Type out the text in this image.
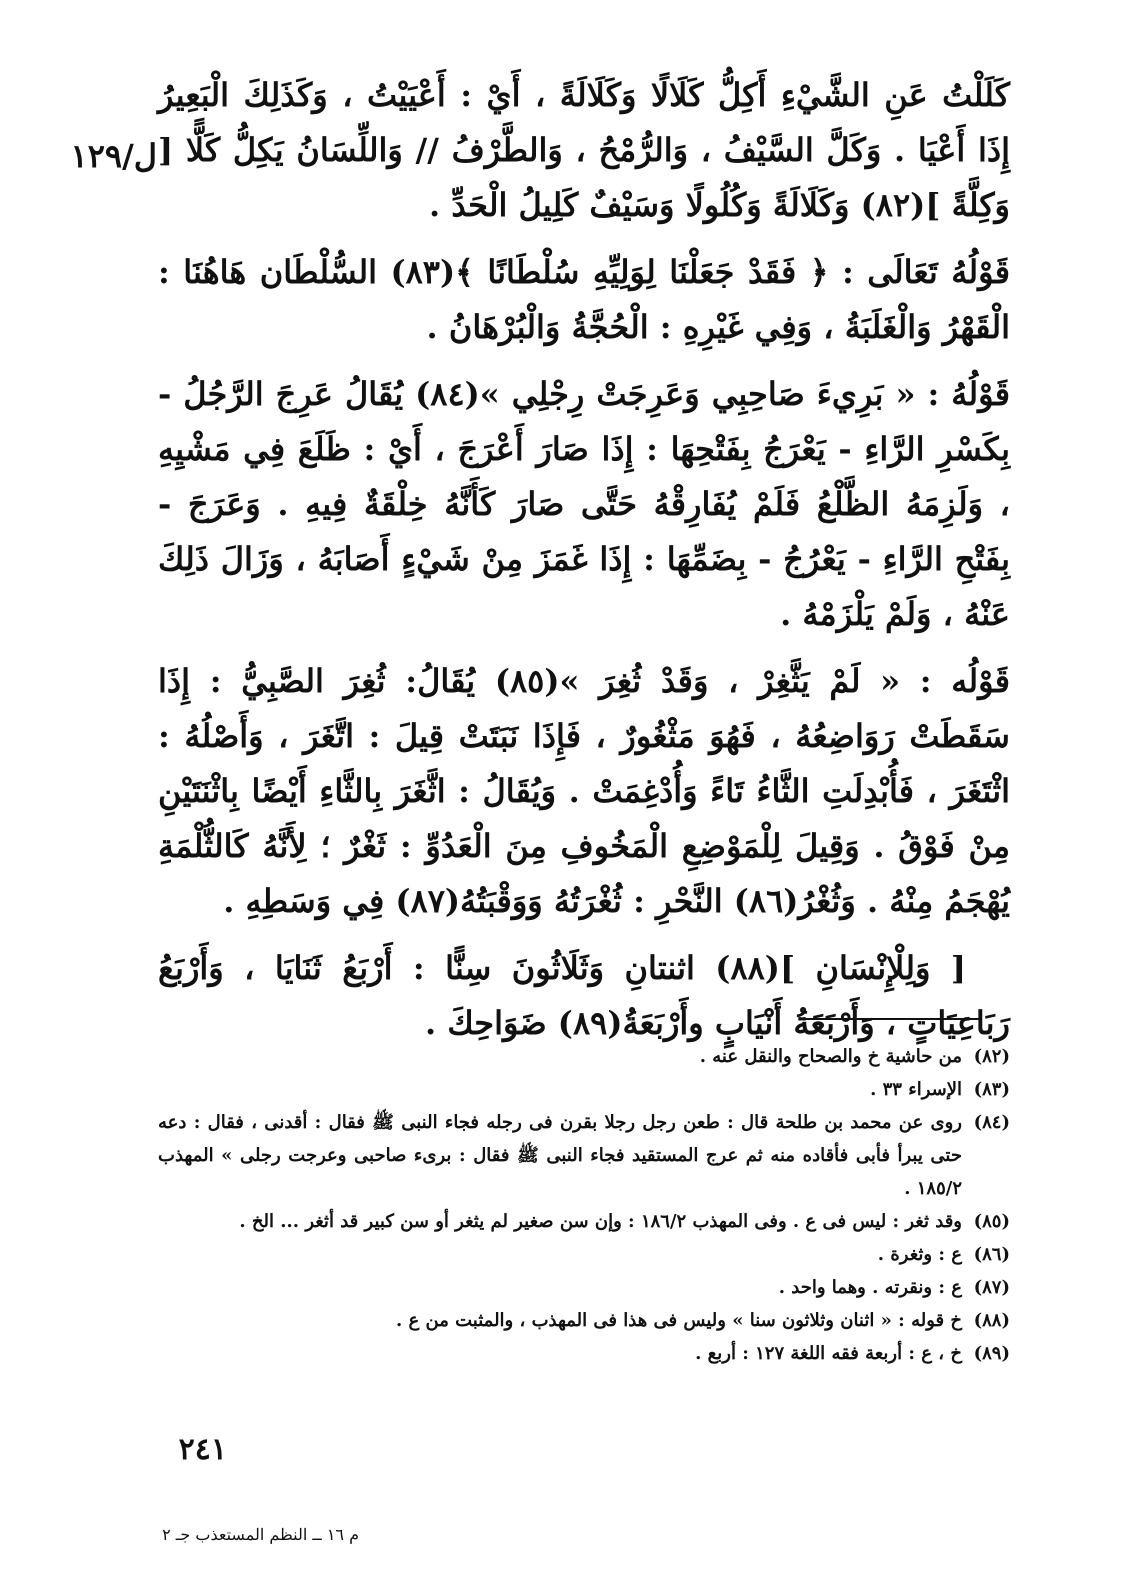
ل/١٢٩

كَلَلْتُ عَنِ الشَّيْءِ أَكِلُّ كَلَالًا وَكَلَالَةً ، أَيْ : أَعْيَيْتُ ، وَكَذَلِكَ الْبَعِيرُ إِذَا أَعْيَا . وَكَلَّ السَّيْفُ ، وَالرُّمْحُ ، وَالطَّرْفُ // وَاللِّسَانُ يَكِلُّ كَلًّا [ وَكِلَّةً ](٨٢) وَكَلَالَةً وَكُلُولًا وَسَيْفٌ كَلِيلُ الْحَدِّ .

قَوْلُهُ تَعَالَى : ﴿ فَقَدْ جَعَلْنَا لِوَلِيِّهِ سُلْطَانًا ﴾(٨٣) السُّلْطَان هَاهُنَا : الْقَهْرُ وَالْغَلَبَةُ ، وَفِي غَيْرِهِ : الْحُجَّةُ وَالْبُرْهَانُ .

قَوْلُهُ : « بَرِيءَ صَاحِبِي وَعَرِجَتْ رِجْلِي »(٨٤) يُقَالُ عَرِجَ الرَّجُلُ - بِكَسْرِ الرَّاءِ - يَعْرَجُ بِفَتْحِهَا : إِذَا صَارَ أَعْرَجَ ، أَيْ : ظَلَعَ فِي مَشْيِهِ ، وَلَزِمَهُ الظَّلْعُ فَلَمْ يُفَارِقْهُ حَتَّى صَارَ كَأَنَّهُ خِلْقَةٌ فِيهِ . وَعَرَجَ - بِفَتْحِ الرَّاءِ - يَعْرُجُ - بِضَمِّهَا : إِذَا غَمَزَ مِنْ شَيْءٍ أَصَابَهُ ، وَزَالَ ذَلِكَ عَنْهُ ، وَلَمْ يَلْزَمْهُ .

قَوْلُه : « لَمْ يَثَّغِرْ ، وَقَدْ ثُغِرَ »(٨٥) يُقَالُ: ثُغِرَ الصَّبِيُّ : إِذَا سَقَطَتْ رَوَاضِعُهُ ، فَهُوَ مَثْغُورٌ ، فَإِذَا نَبَتَتْ قِيلَ : اتَّغَرَ ، وَأَصْلُهُ : اثْتَغَرَ ، فَأُبْدِلَتِ الثَّاءُ تَاءً وَأُدْغِمَتْ . وَيُقَالُ : اثَّغَرَ بِالثَّاءِ أَيْضًا بِاثْنَتَيْنِ مِنْ فَوْقُ . وَقِيلَ لِلْمَوْضِعِ الْمَخُوفِ مِنَ الْعَدُوِّ : ثَغْرٌ ؛ لِأَنَّهُ كَالثُّلْمَةِ يُهْجَمُ مِنْهُ . وَثُغْرُ(٨٦) النَّحْرِ : ثُغْرَتُهُ وَوَقْبَتُهُ(٨٧) فِي وَسَطِهِ .

[ وَلِلْإِنْسَانِ ](٨٨) اثنتانِ وَثَلَاثُونَ سِنًّا : أَرْبَعُ ثَنَايَا ، وَأَرْبَعُ رَبَاعِيَاتٍ ، وَأَرْبَعَةُ أَنْيَابٍ وأَرْبَعَةُ(٨٩) ضَوَاحِكَ .

(٨٢)
من حاشية خ والصحاح والنقل عنه .
(٨٣)
الإسراء ٣٣ .
(٨٤)
روى عن محمد بن طلحة قال : طعن رجل رجلا بقرن فى رجله فجاء النبى ﷺ فقال : أقدنى ، فقال : دعه حتى يبرأ فأبى فأقاده منه ثم عرج المستقيد فجاء النبى ﷺ فقال : برىء صاحبى وعرجت رجلى » المهذب ١٨٥/٢ .
(٨٥)
وقد ثغر : ليس فى ع . وفى المهذب ١٨٦/٢ : وإن سن صغير لم يثغر أو سن كبير قد أثغر ... الخ .
(٨٦)
ع : وثغرة .
(٨٧)
ع : ونقرته . وهما واحد .
(٨٨)
خ قوله : « اثنان وثلاثون سنا » وليس فى هذا فى المهذب ، والمثبت من ع .
(٨٩)
خ ، ع : أربعة فقه اللغة ١٢٧ : أربع .
٢٤١
م ١٦ ــ النظم المستعذب جـ ٢
